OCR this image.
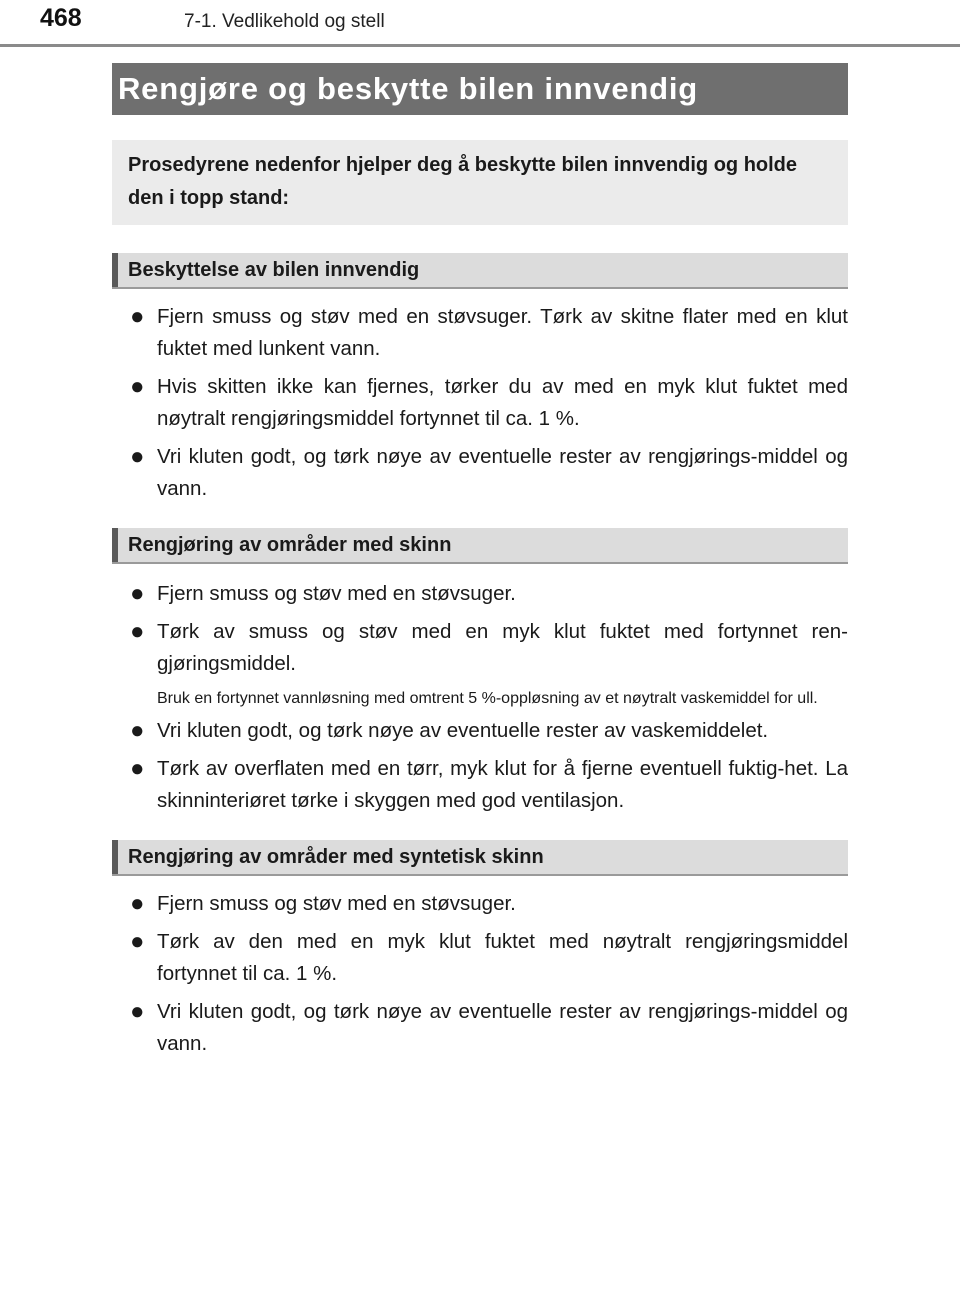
468	7-1. Vedlikehold og stell
Rengjøre og beskytte bilen innvendig
Prosedyrene nedenfor hjelper deg å beskytte bilen innvendig og holde den i topp stand:
Beskyttelse av bilen innvendig
● Fjern smuss og støv med en støvsuger. Tørk av skitne flater med en klut fuktet med lunkent vann.
● Hvis skitten ikke kan fjernes, tørker du av med en myk klut fuktet med nøytralt rengjøringsmiddel fortynnet til ca. 1 %.
● Vri kluten godt, og tørk nøye av eventuelle rester av rengjørings-middel og vann.
Rengjøring av områder med skinn
● Fjern smuss og støv med en støvsuger.
● Tørk av smuss og støv med en myk klut fuktet med fortynnet ren-gjøringsmiddel.
Bruk en fortynnet vannløsning med omtrent 5 %-oppløsning av et nøytralt vaskemiddel for ull.
● Vri kluten godt, og tørk nøye av eventuelle rester av vaskemiddelet.
● Tørk av overflaten med en tørr, myk klut for å fjerne eventuell fuktig-het. La skinninteriøret tørke i skyggen med god ventilasjon.
Rengjøring av områder med syntetisk skinn
● Fjern smuss og støv med en støvsuger.
● Tørk av den med en myk klut fuktet med nøytralt rengjøringsmiddel fortynnet til ca. 1 %.
● Vri kluten godt, og tørk nøye av eventuelle rester av rengjørings-middel og vann.
